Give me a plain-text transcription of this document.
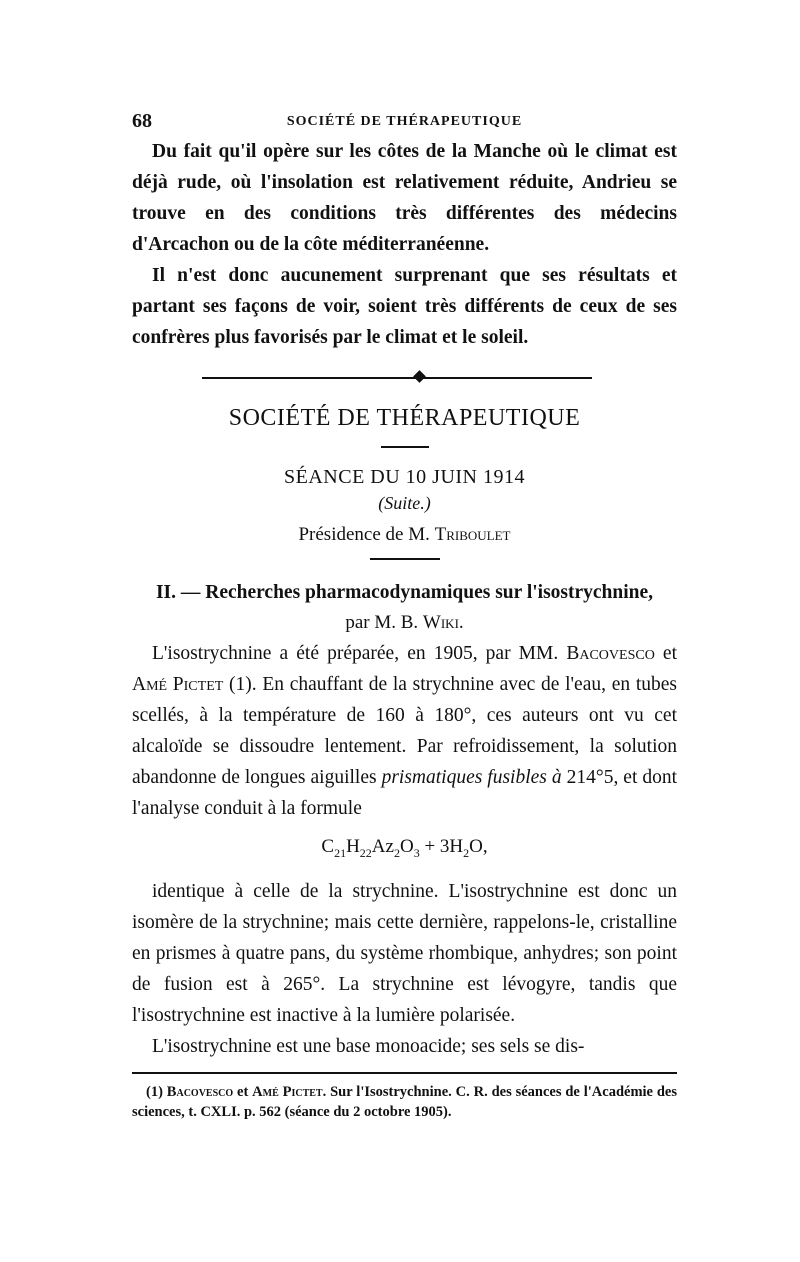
68	SOCIÉTÉ DE THÉRAPEUTIQUE

Du fait qu'il opère sur les côtes de la Manche où le climat est déjà rude, où l'insolation est relativement réduite, Andrieu se trouve en des conditions très différentes des médecins d'Arcachon ou de la côte méditerranéenne.

Il n'est donc aucunement surprenant que ses résultats et partant ses façons de voir, soient très différents de ceux de ses confrères plus favorisés par le climat et le soleil.

SOCIÉTÉ DE THÉRAPEUTIQUE
SÉANCE DU 10 JUIN 1914
(Suite.)
Présidence de M. Triboulet
II. — Recherches pharmacodynamiques sur l'isostrychnine,
par M. B. Wiki.

L'isostrychnine a été préparée, en 1905, par MM. Bacovesco et Amé Pictet (1). En chauffant de la strychnine avec de l'eau, en tubes scellés, à la température de 160 à 180°, ces auteurs ont vu cet alcaloïde se dissoudre lentement. Par refroidissement, la solution abandonne de longues aiguilles prismatiques fusibles à 214°5, et dont l'analyse conduit à la formule

$C_{21}H_{22}Az_2O_3 + 3H_2O$,

identique à celle de la strychnine. L'isostrychnine est donc un isomère de la strychnine; mais cette dernière, rappelons-le, cristalline en prismes à quatre pans, du système rhombique, anhydres; son point de fusion est à 265°. La strychnine est lévogyre, tandis que l'isostrychnine est inactive à la lumière polarisée.

L'isostrychnine est une base monoacide; ses sels se dis-

(1) Bacovesco et Amé Pictet. Sur l'Isostrychnine. C. R. des séances de l'Académie des sciences, t. CXLI. p. 562 (séance du 2 octobre 1905).
